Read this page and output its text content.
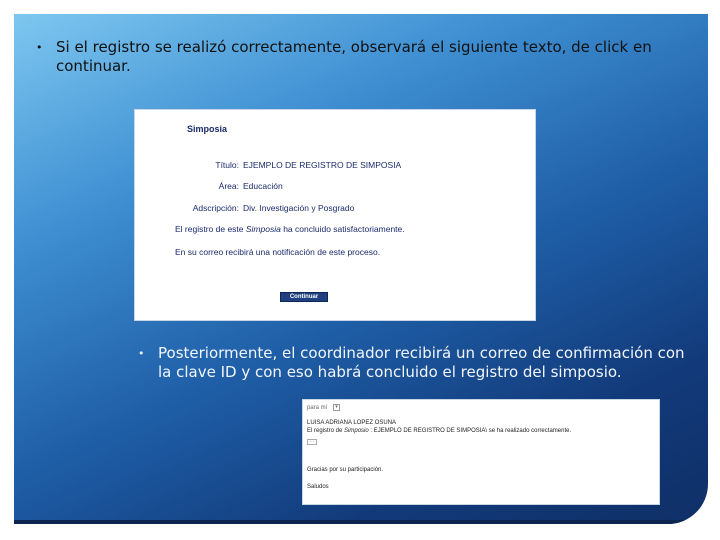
• Si el registro se realizó correctamente, observará el siguiente texto, de click en continuar.
Simposia
Título: EJEMPLO DE REGISTRO DE SIMPOSIA
Área: Educación
Adscripción: Div. Investigación y Posgrado
El registro de este Simposia ha concluido satisfactoriamente.
En su correo recibirá una notificación de este proceso.
Continuar
• Posteriormente, el coordinador recibirá un correo de confirmación con la clave ID y con eso habrá concluido el registro del simposio.
para mí	▾
LUISA ADRIANA LOPEZ OSUNA
El registro de Simposio : EJEMPLO DE REGISTRO DE SIMPOSIA\ se ha realizado correctamente.
...
Gracias por su participación.
Saludos
